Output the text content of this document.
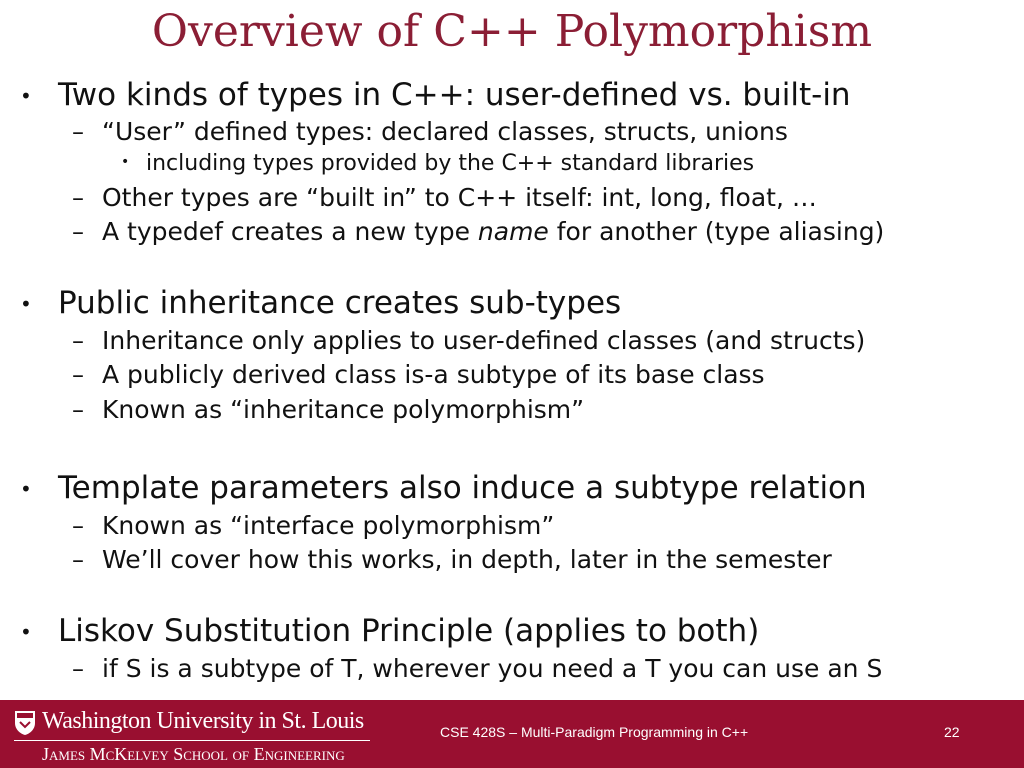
Overview of C++ Polymorphism
• Two kinds of types in C++: user-defined vs. built-in
– “User” defined types: declared classes, structs, unions
• including types provided by the C++ standard libraries
– Other types are “built in” to C++ itself: int, long, float, …
– A typedef creates a new type name for another (type aliasing)
• Public inheritance creates sub-types
– Inheritance only applies to user-defined classes (and structs)
– A publicly derived class is-a subtype of its base class
– Known as “inheritance polymorphism”
• Template parameters also induce a subtype relation
– Known as “interface polymorphism”
– We’ll cover how this works, in depth, later in the semester
• Liskov Substitution Principle (applies to both)
– if S is a subtype of T, wherever you need a T you can use an S
Washington University in St. Louis
James McKelvey School of Engineering
CSE 428S – Multi-Paradigm Programming in C++	22
